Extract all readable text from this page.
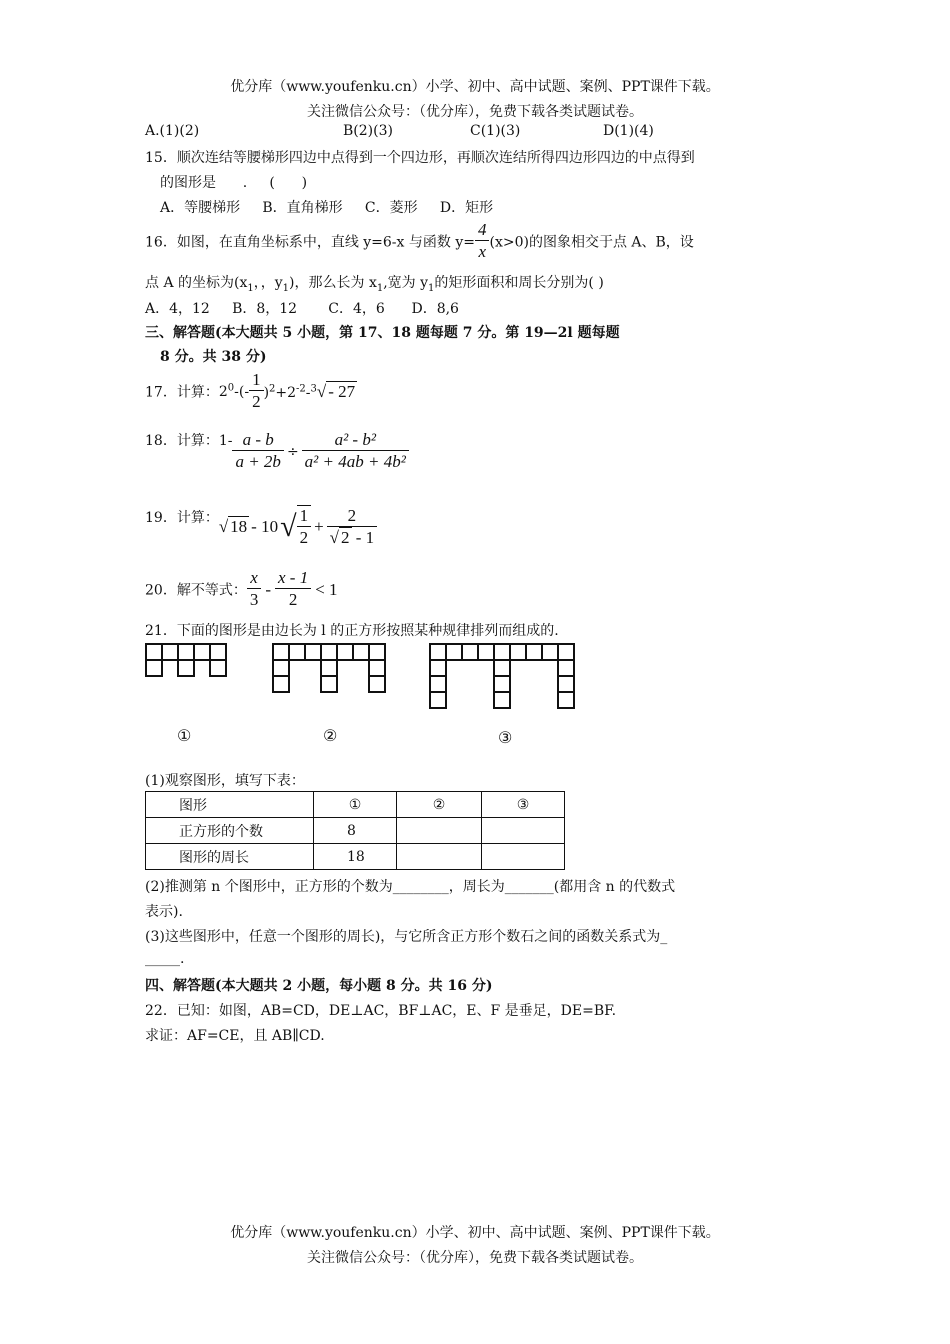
优分库（www.youfenku.cn）小学、初中、高中试题、案例、PPT课件下载。
关注微信公众号：（优分库），免费下载各类试题试卷。
A.(1)(2)	B(2)(3)	C(1)(3)	D(1)(4)
15．顺次连结等腰梯形四边中点得到一个四边形，再顺次连结所得四边形四边的中点得到
的图形是      .     (      )
A．等腰梯形     B．直角梯形     C．菱形     D．矩形
16．如图，在直角坐标系中，直线 y=6-x 与函数 $y= \frac{4}{x} (x>0)$的图象相交于点 A、B，设
点 A 的坐标为($x_1$，，$y_1$)，那么长为 $x_1$,宽为 $y_1$的矩形面积和周长分别为( )
A．4，12     B．8，12       C．4，6      D．8,6
三、解答题(本大题共 5 小题，第 17、18 题每题 7 分。第 19—2l 题每题
8 分。共 38 分)
17．计算：$2^0-(- \frac{1}{2} )^2+2^{-2}-^3√ - 27$
18．计算：$1- \frac{a - b}{a + 2b} \div \frac{\text{a² - b²}}{\text{a² + 4ab + 4b²}}$
19．计算：√ $18 - 10√ \frac{1}{2} + \frac{2}{√ 2 - 1}$
20．解不等式： $\frac{x}{3} - \frac{x - 1}{2} < 1$
21．下面的图形是由边长为 l 的正方形按照某种规律排列而组成的.
①	②	③
(1)观察图形，填写下表：
图形	①	②	③
正方形的个数	8		
图形的周长	18		
(2)推测第 n 个图形中，正方形的个数为________，周长为_______(都用含 n 的代数式
表示).
(3)这些图形中，任意一个图形的周长)，与它所含正方形个数石之间的函数关系式为_
_____.
四、解答题(本大题共 2 小题，每小题 8 分。共 16 分)
22．已知：如图，AB=CD，DE⊥AC，BF⊥AC，E、F 是垂足，DE=BF.
求证：AF=CE，且 AB∥CD.
优分库（www.youfenku.cn）小学、初中、高中试题、案例、PPT课件下载。
关注微信公众号：（优分库），免费下载各类试题试卷。
